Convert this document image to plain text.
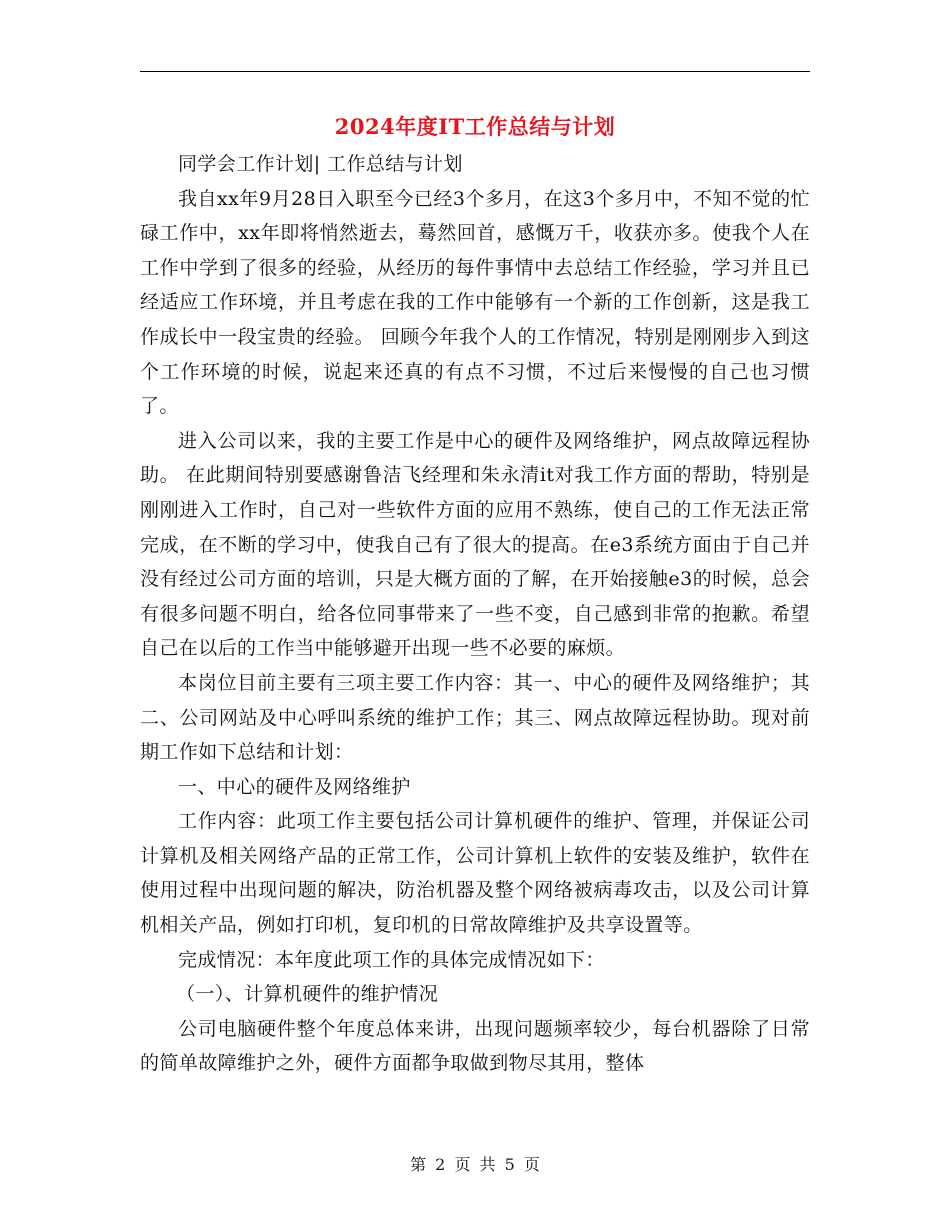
2024年度IT工作总结与计划

同学会工作计划| 工作总结与计划

我自xx年9月28日入职至今已经3个多月，在这3个多月中，不知不觉的忙碌工作中，xx年即将悄然逝去，蓦然回首，感慨万千，收获亦多。使我个人在工作中学到了很多的经验，从经历的每件事情中去总结工作经验，学习并且已经适应工作环境，并且考虑在我的工作中能够有一个新的工作创新，这是我工作成长中一段宝贵的经验。 回顾今年我个人的工作情况，特别是刚刚步入到这个工作环境的时候，说起来还真的有点不习惯，不过后来慢慢的自己也习惯了。

进入公司以来，我的主要工作是中心的硬件及网络维护，网点故障远程协助。 在此期间特别要感谢鲁洁飞经理和朱永清it对我工作方面的帮助，特别是刚刚进入工作时，自己对一些软件方面的应用不熟练，使自己的工作无法正常完成，在不断的学习中，使我自己有了很大的提高。在e3系统方面由于自己并没有经过公司方面的培训，只是大概方面的了解，在开始接触e3的时候，总会有很多问题不明白，给各位同事带来了一些不变，自己感到非常的抱歉。希望自己在以后的工作当中能够避开出现一些不必要的麻烦。

本岗位目前主要有三项主要工作内容：其一、中心的硬件及网络维护；其二、公司网站及中心呼叫系统的维护工作；其三、网点故障远程协助。现对前期工作如下总结和计划：

一、中心的硬件及网络维护

工作内容：此项工作主要包括公司计算机硬件的维护、管理，并保证公司计算机及相关网络产品的正常工作，公司计算机上软件的安装及维护，软件在使用过程中出现问题的解决，防治机器及整个网络被病毒攻击，以及公司计算机相关产品，例如打印机，复印机的日常故障维护及共享设置等。

完成情况：本年度此项工作的具体完成情况如下：

（一）、计算机硬件的维护情况

公司电脑硬件整个年度总体来讲，出现问题频率较少，每台机器除了日常的简单故障维护之外，硬件方面都争取做到物尽其用，整体

第 2 页 共 5 页
